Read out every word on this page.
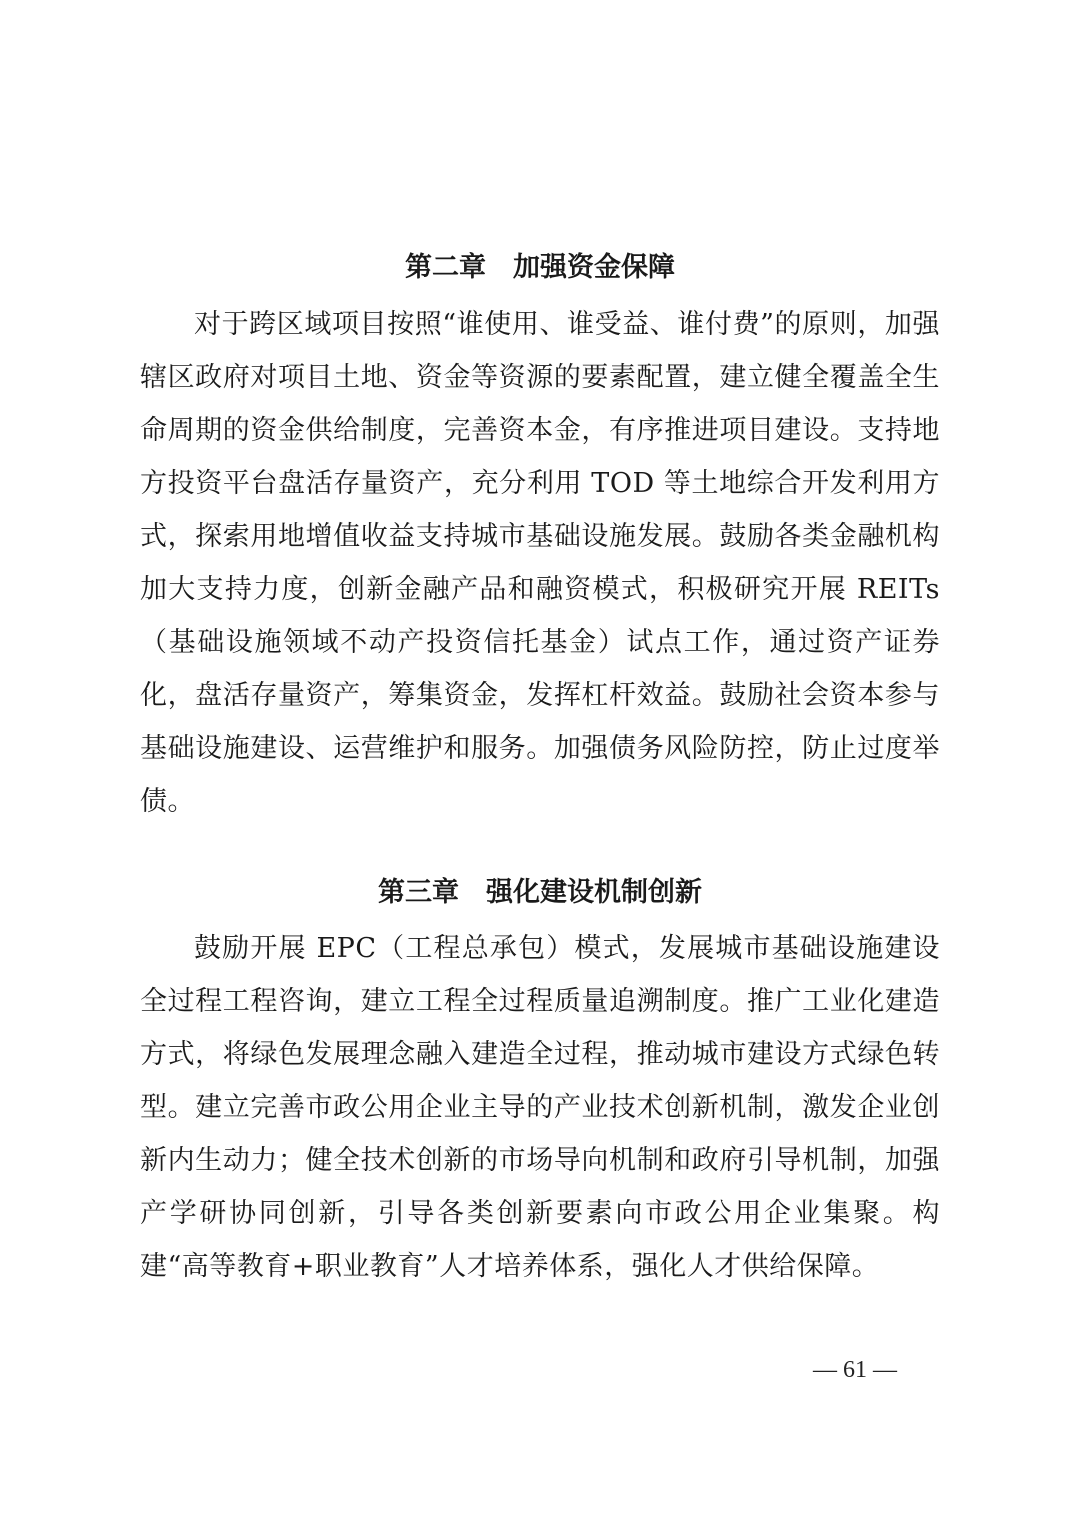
第二章　加强资金保障

对于跨区域项目按照“谁使用、谁受益、谁付费”的原则，加强辖区政府对项目土地、资金等资源的要素配置，建立健全覆盖全生命周期的资金供给制度，完善资本金，有序推进项目建设。支持地方投资平台盘活存量资产，充分利用 TOD 等土地综合开发利用方式，探索用地增值收益支持城市基础设施发展。鼓励各类金融机构加大支持力度，创新金融产品和融资模式，积极研究开展 REITs（基础设施领域不动产投资信托基金）试点工作，通过资产证券化，盘活存量资产，筹集资金，发挥杠杆效益。鼓励社会资本参与基础设施建设、运营维护和服务。加强债务风险防控，防止过度举债。

第三章　强化建设机制创新

鼓励开展 EPC（工程总承包）模式，发展城市基础设施建设全过程工程咨询，建立工程全过程质量追溯制度。推广工业化建造方式，将绿色发展理念融入建造全过程，推动城市建设方式绿色转型。建立完善市政公用企业主导的产业技术创新机制，激发企业创新内生动力；健全技术创新的市场导向机制和政府引导机制，加强产学研协同创新，引导各类创新要素向市政公用企业集聚。构建“高等教育+职业教育”人才培养体系，强化人才供给保障。

— 61 —
